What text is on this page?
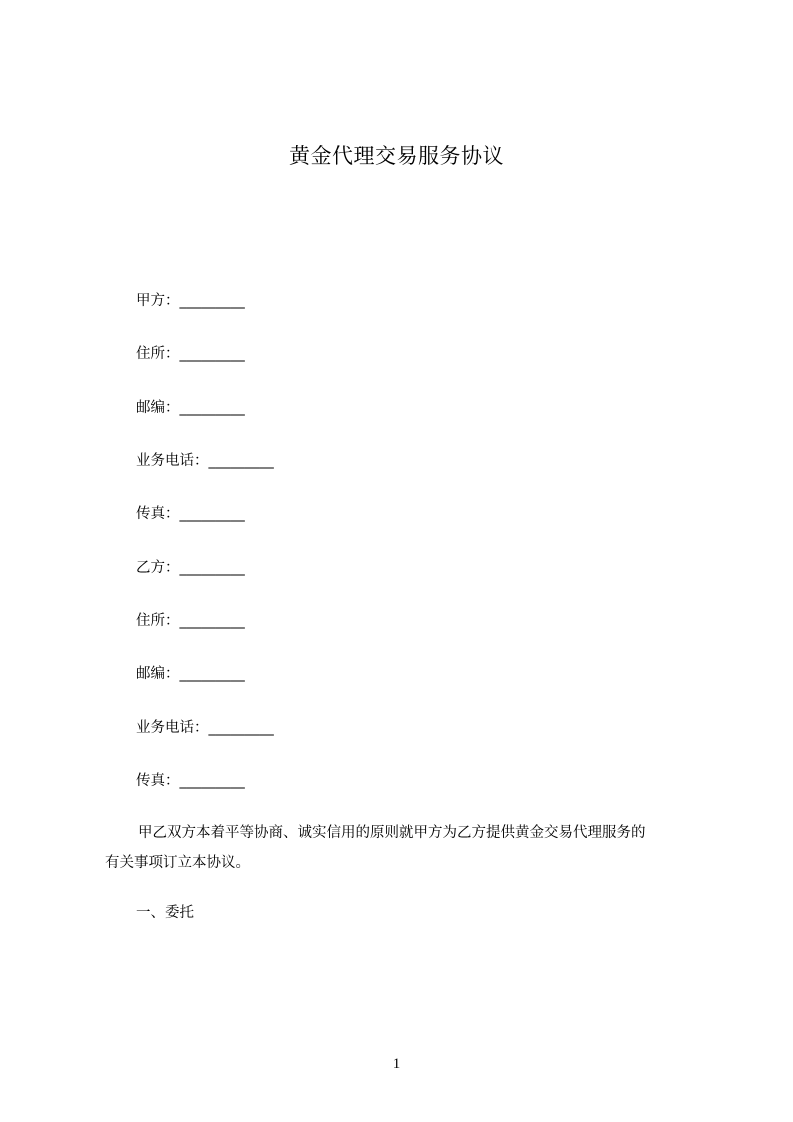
黄金代理交易服务协议
甲方：_________
住所：_________
邮编：_________
业务电话：_________
传真：_________
乙方：_________
住所：_________
邮编：_________
业务电话：_________
传真：_________

甲乙双方本着平等协商、诚实信用的原则就甲方为乙方提供黄金交易代理服务的
有关事项订立本协议。

一、委托
1
